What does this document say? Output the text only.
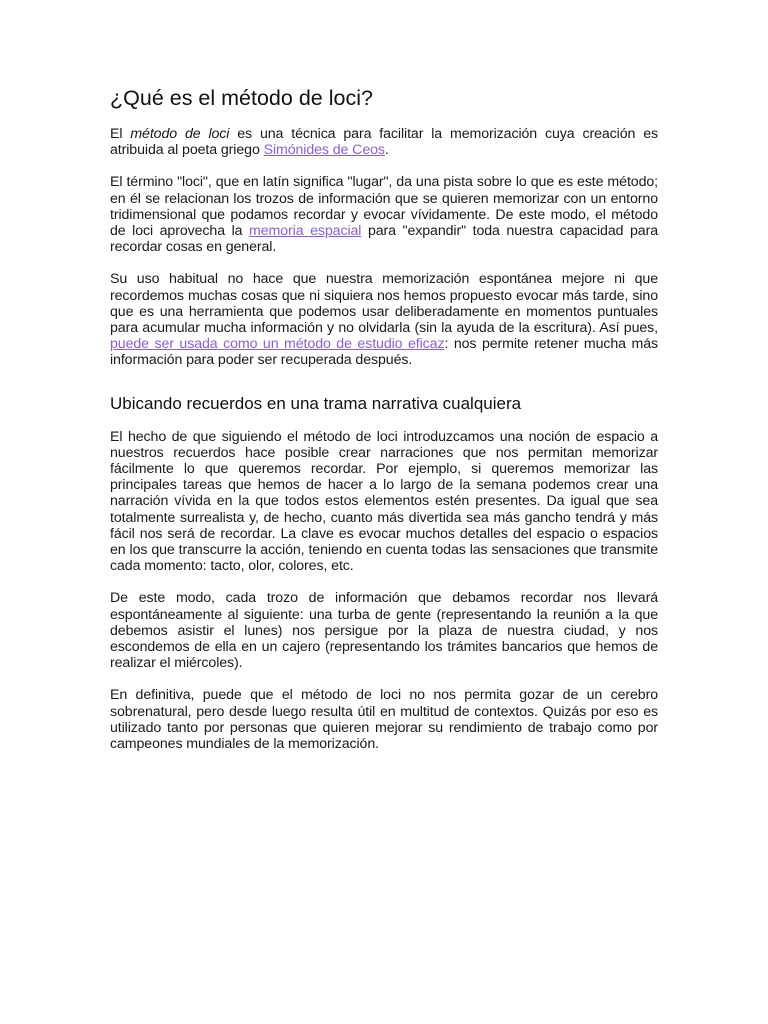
¿Qué es el método de loci?

El método de loci es una técnica para facilitar la memorización cuya creación es atribuida al poeta griego Simónides de Ceos.

El término "loci", que en latín significa "lugar", da una pista sobre lo que es este método; en él se relacionan los trozos de información que se quieren memorizar con un entorno tridimensional que podamos recordar y evocar vívidamente. De este modo, el método de loci aprovecha la memoria espacial para "expandir" toda nuestra capacidad para recordar cosas en general.

Su uso habitual no hace que nuestra memorización espontánea mejore ni que recordemos muchas cosas que ni siquiera nos hemos propuesto evocar más tarde, sino que es una herramienta que podemos usar deliberadamente en momentos puntuales para acumular mucha información y no olvidarla (sin la ayuda de la escritura). Así pues, puede ser usada como un método de estudio eficaz: nos permite retener mucha más información para poder ser recuperada después.

Ubicando recuerdos en una trama narrativa cualquiera

El hecho de que siguiendo el método de loci introduzcamos una noción de espacio a nuestros recuerdos hace posible crear narraciones que nos permitan memorizar fácilmente lo que queremos recordar. Por ejemplo, si queremos memorizar las principales tareas que hemos de hacer a lo largo de la semana podemos crear una narración vívida en la que todos estos elementos estén presentes. Da igual que sea totalmente surrealista y, de hecho, cuanto más divertida sea más gancho tendrá y más fácil nos será de recordar. La clave es evocar muchos detalles del espacio o espacios en los que transcurre la acción, teniendo en cuenta todas las sensaciones que transmite cada momento: tacto, olor, colores, etc.

De este modo, cada trozo de información que debamos recordar nos llevará espontáneamente al siguiente: una turba de gente (representando la reunión a la que debemos asistir el lunes) nos persigue por la plaza de nuestra ciudad, y nos escondemos de ella en un cajero (representando los trámites bancarios que hemos de realizar el miércoles).

En definitiva, puede que el método de loci no nos permita gozar de un cerebro sobrenatural, pero desde luego resulta útil en multitud de contextos. Quizás por eso es utilizado tanto por personas que quieren mejorar su rendimiento de trabajo como por campeones mundiales de la memorización.
